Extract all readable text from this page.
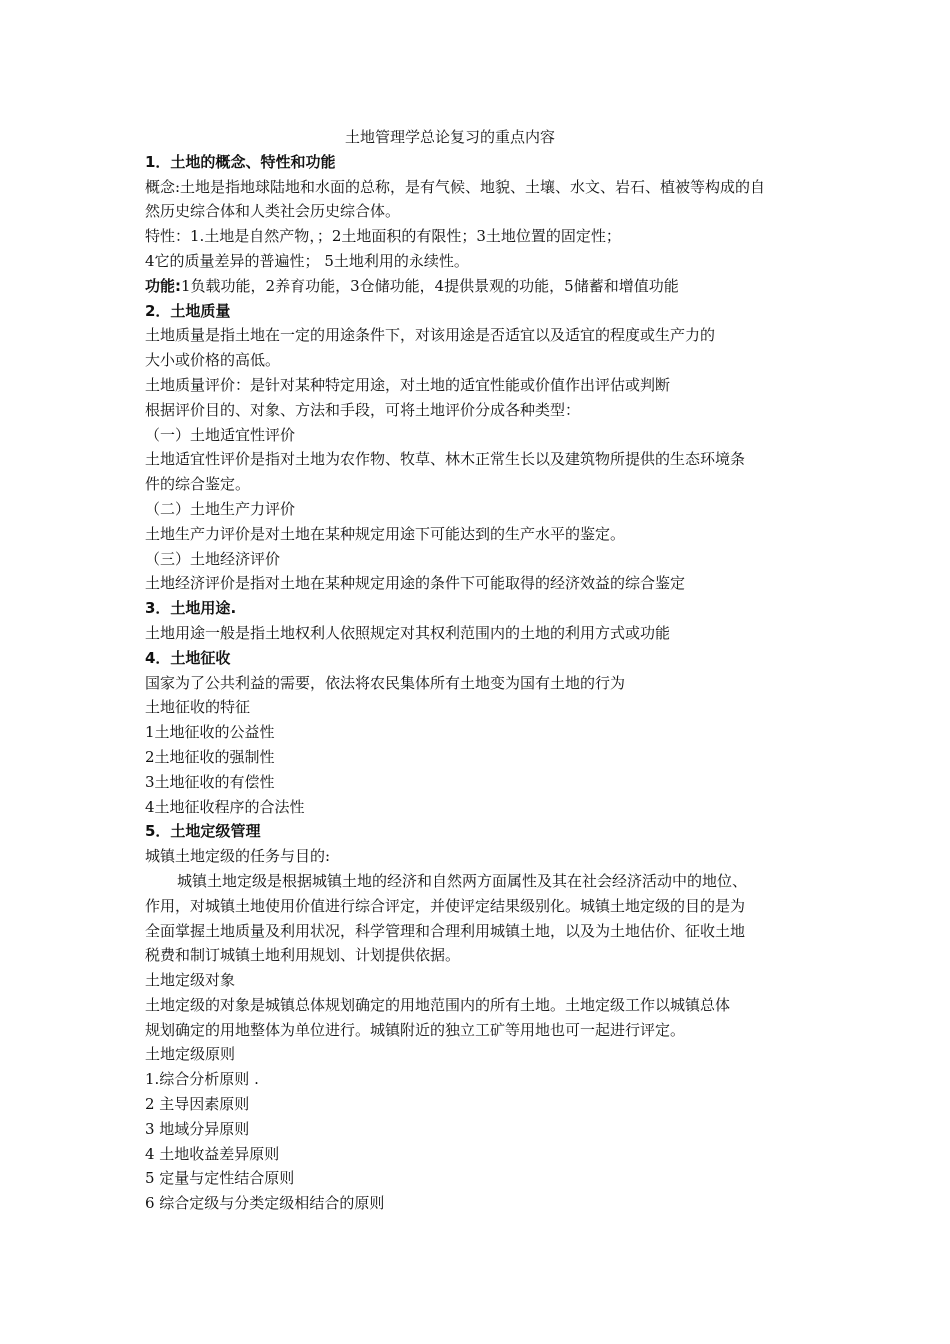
土地管理学总论复习的重点内容
1．土地的概念、特性和功能
概念:土地是指地球陆地和水面的总称，是有气候、地貌、土壤、水文、岩石、植被等构成的自
然历史综合体和人类社会历史综合体。
特性：1.土地是自然产物，；2土地面积的有限性；3土地位置的固定性；
4它的质量差异的普遍性； 5土地利用的永续性。
功能:1负载功能，2养育功能，3仓储功能，4提供景观的功能，5储蓄和增值功能
2．土地质量
土地质量是指土地在一定的用途条件下，对该用途是否适宜以及适宜的程度或生产力的
大小或价格的高低。
土地质量评价：是针对某种特定用途，对土地的适宜性能或价值作出评估或判断
根据评价目的、对象、方法和手段，可将土地评价分成各种类型：
（一）土地适宜性评价
土地适宜性评价是指对土地为农作物、牧草、林木正常生长以及建筑物所提供的生态环境条
件的综合鉴定。
（二）土地生产力评价
土地生产力评价是对土地在某种规定用途下可能达到的生产水平的鉴定。
（三）土地经济评价
土地经济评价是指对土地在某种规定用途的条件下可能取得的经济效益的综合鉴定
3．土地用途.
土地用途一般是指土地权利人依照规定对其权利范围内的土地的利用方式或功能
4．土地征收
国家为了公共利益的需要，依法将农民集体所有土地变为国有土地的行为
土地征收的特征
1土地征收的公益性
2土地征收的强制性
3土地征收的有偿性
4土地征收程序的合法性
5．土地定级管理
城镇土地定级的任务与目的:
城镇土地定级是根据城镇土地的经济和自然两方面属性及其在社会经济活动中的地位、
作用，对城镇土地使用价值进行综合评定，并使评定结果级别化。城镇土地定级的目的是为
全面掌握土地质量及利用状况，科学管理和合理利用城镇土地，以及为土地估价、征收土地
税费和制订城镇土地利用规划、计划提供依据。
土地定级对象
土地定级的对象是城镇总体规划确定的用地范围内的所有土地。土地定级工作以城镇总体
规划确定的用地整体为单位进行。城镇附近的独立工矿等用地也可一起进行评定。
土地定级原则
1.综合分析原则 .
2 主导因素原则
3 地域分异原则
4 土地收益差异原则
5 定量与定性结合原则
6 综合定级与分类定级相结合的原则
